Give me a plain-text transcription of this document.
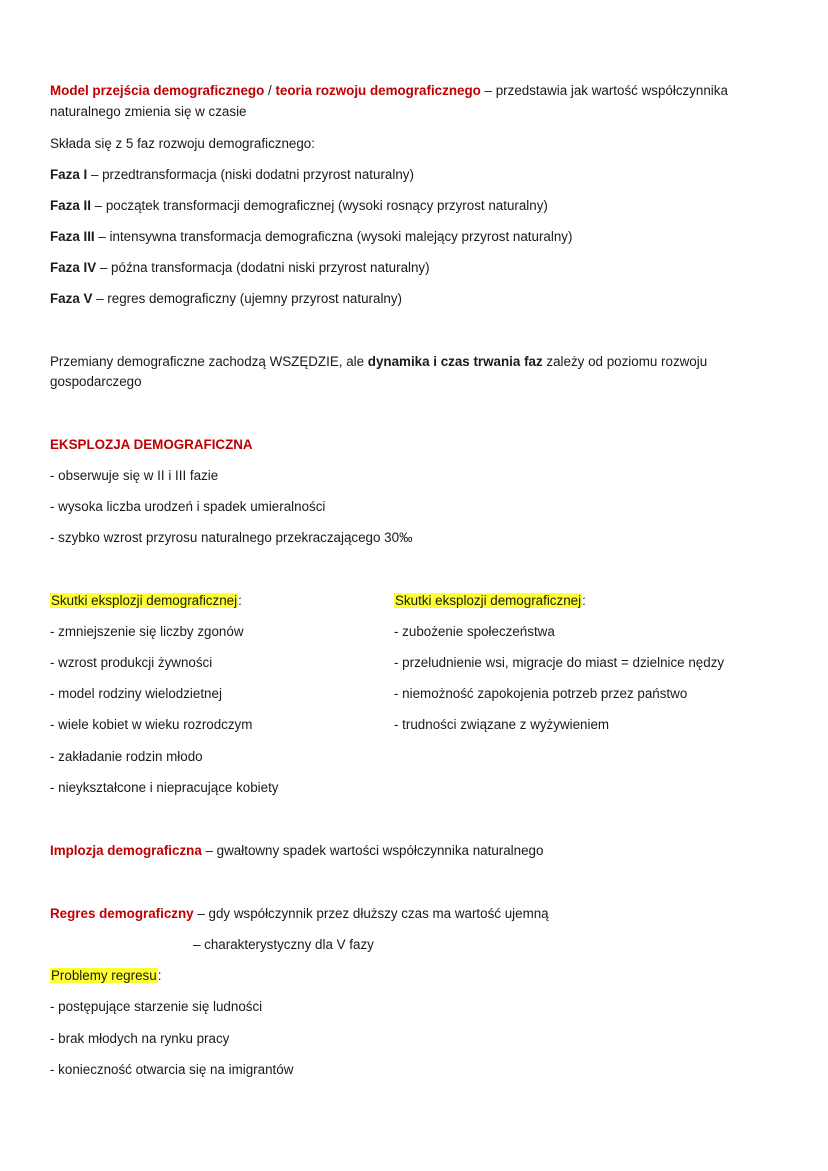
Model przejścia demograficznego / teoria rozwoju demograficznego – przedstawia jak wartość współczynnika
naturalnego zmienia się w czasie
Składa się z 5 faz rozwoju demograficznego:
Faza I – przedtransformacja (niski dodatni przyrost naturalny)
Faza II – początek transformacji demograficznej (wysoki rosnący przyrost naturalny)
Faza III – intensywna transformacja demograficzna (wysoki malejący przyrost naturalny)
Faza IV – późna transformacja (dodatni niski przyrost naturalny)
Faza V – regres demograficzny (ujemny przyrost naturalny)
Przemiany demograficzne zachodzą WSZĘDZIE, ale dynamika i czas trwania faz zależy od poziomu rozwoju
gospodarczego
EKSPLOZJA DEMOGRAFICZNA
- obserwuje się w II i III fazie
- wysoka liczba urodzeń i spadek umieralności
- szybko wzrost przyrosu naturalnego przekraczającego 30‰
Skutki eksplozji demograficznej:
- zmniejszenie się liczby zgonów
- wzrost produkcji żywności
- model rodziny wielodzietnej
- wiele kobiet w wieku rozrodczym
- zakładanie rodzin młodo
- nieykształcone i niepracujące kobiety
Skutki eksplozji demograficznej:
- zubożenie społeczeństwa
- przeludnienie wsi, migracje do miast = dzielnice nędzy
- niemożność zapokojenia potrzeb przez państwo
- trudności związane z wyżywieniem
Implozja demograficzna – gwałtowny spadek wartości współczynnika naturalnego
Regres demograficzny – gdy współczynnik przez dłuższy czas ma wartość ujemną
– charakterystyczny dla V fazy
Problemy regresu:
- postępujące starzenie się ludności
- brak młodych na rynku pracy
- konieczność otwarcia się na imigrantów
